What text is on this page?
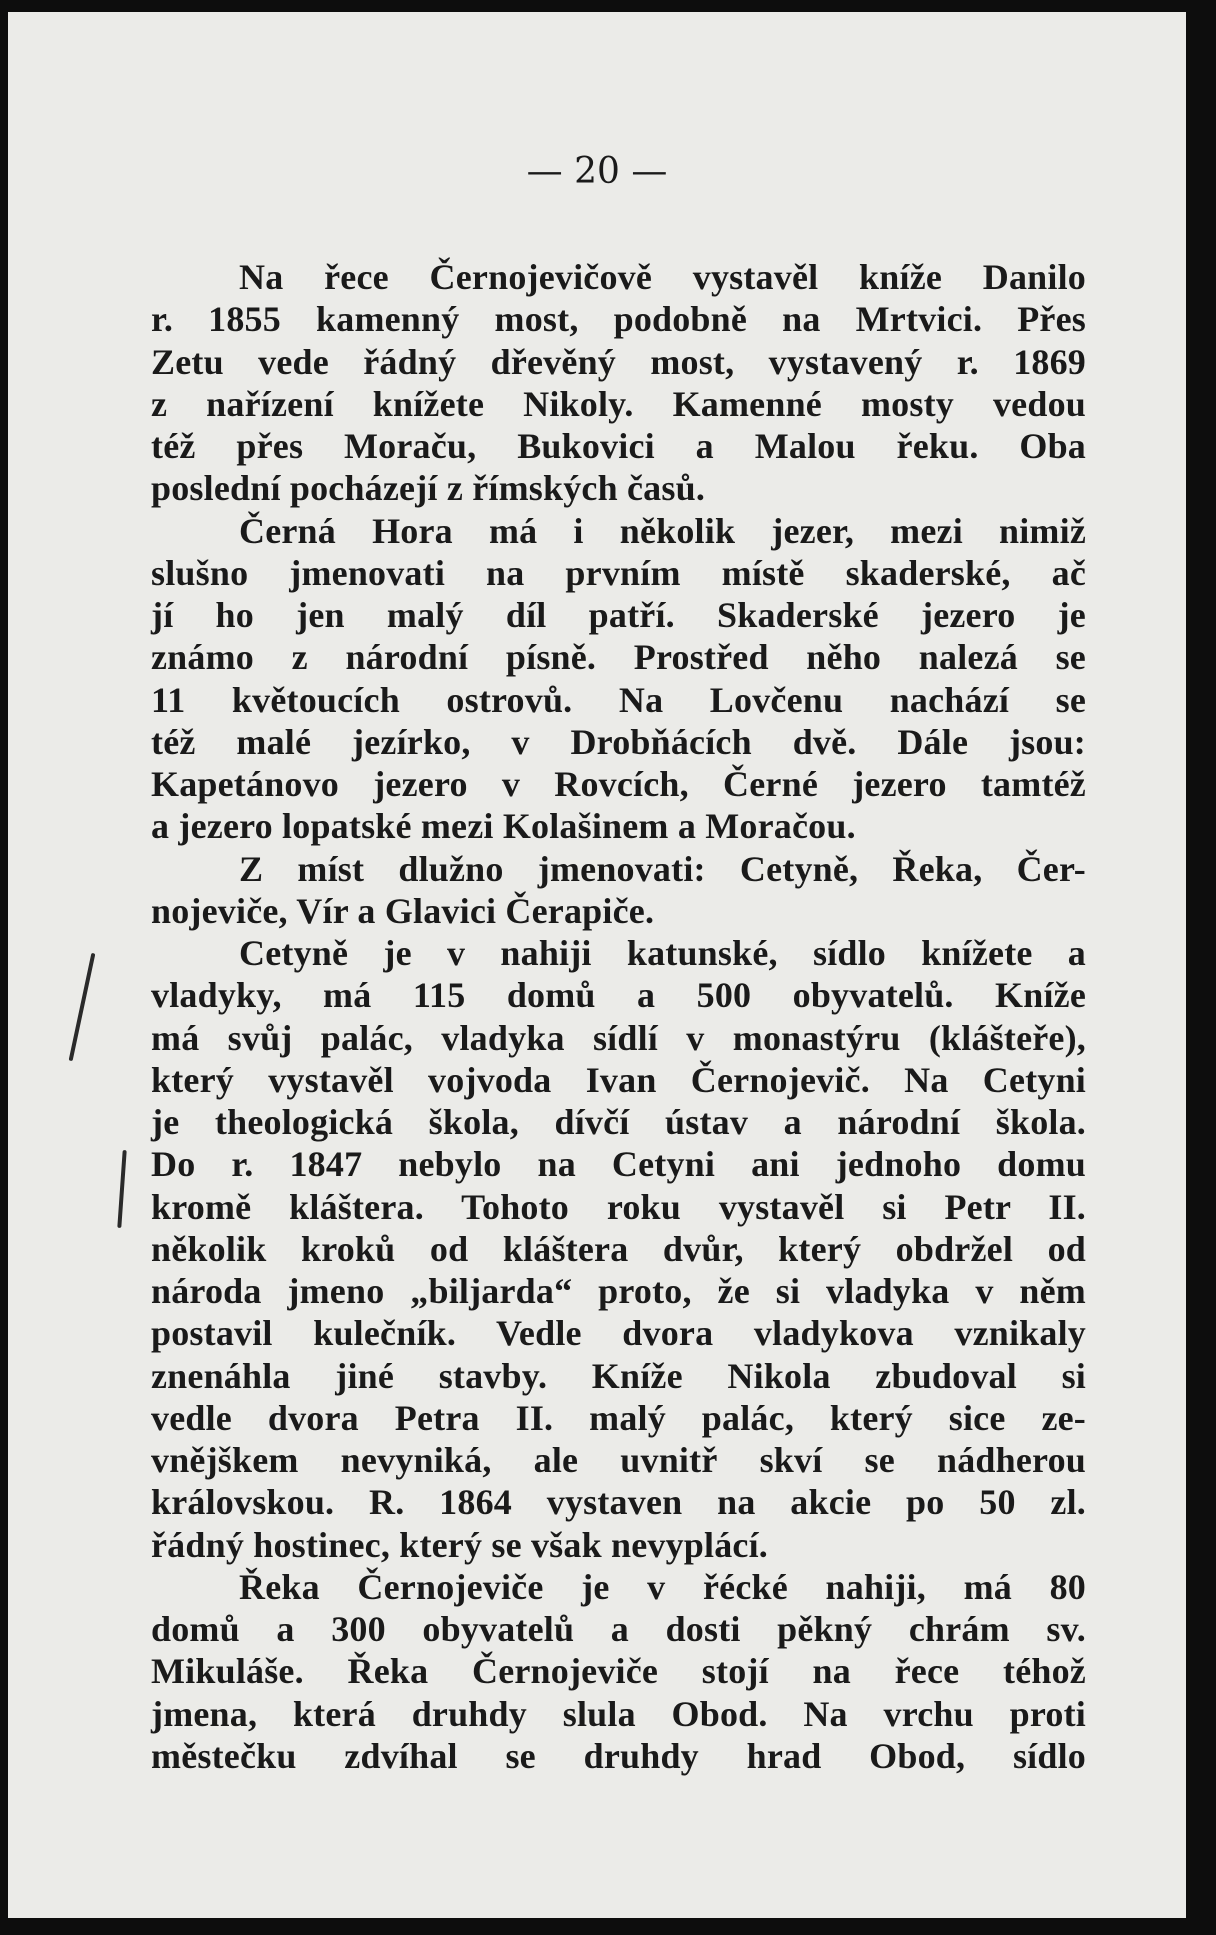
— 20 —
Na řece Černojevičově vystavěl kníže Danilo
r. 1855 kamenný most, podobně na Mrtvici. Přes
Zetu vede řádný dřevěný most, vystavený r. 1869
z nařízení knížete Nikoly. Kamenné mosty vedou
též přes Moraču, Bukovici a Malou řeku. Oba
poslední pocházejí z římských časů.
Černá Hora má i několik jezer, mezi nimiž
slušno jmenovati na prvním místě skaderské, ač
jí ho jen malý díl patří. Skaderské jezero je
známo z národní písně. Prostřed něho nalezá se
11 květoucích ostrovů. Na Lovčenu nachází se
též malé jezírko, v Drobňácích dvě. Dále jsou:
Kapetánovo jezero v Rovcích, Černé jezero tamtéž
a jezero lopatské mezi Kolašinem a Moračou.
Z míst dlužno jmenovati: Cetyně, Řeka, Čer-
nojeviče, Vír a Glavici Čerapiče.
Cetyně je v nahiji katunské, sídlo knížete a
vladyky, má 115 domů a 500 obyvatelů. Kníže
má svůj palác, vladyka sídlí v monastýru (klášteře),
který vystavěl vojvoda Ivan Černojevič. Na Cetyni
je theologická škola, dívčí ústav a národní škola.
Do r. 1847 nebylo na Cetyni ani jednoho domu
kromě kláštera. Tohoto roku vystavěl si Petr II.
několik kroků od kláštera dvůr, který obdržel od
národa jmeno „biljarda“ proto, že si vladyka v něm
postavil kulečník. Vedle dvora vladykova vznikaly
znenáhla jiné stavby. Kníže Nikola zbudoval si
vedle dvora Petra II. malý palác, který sice ze-
vnějškem nevyniká, ale uvnitř skví se nádherou
královskou. R. 1864 vystaven na akcie po 50 zl.
řádný hostinec, který se však nevyplácí.
Řeka Černojeviče je v řécké nahiji, má 80
domů a 300 obyvatelů a dosti pěkný chrám sv.
Mikuláše. Řeka Černojeviče stojí na řece téhož
jmena, která druhdy slula Obod. Na vrchu proti
městečku zdvíhal se druhdy hrad Obod, sídlo
